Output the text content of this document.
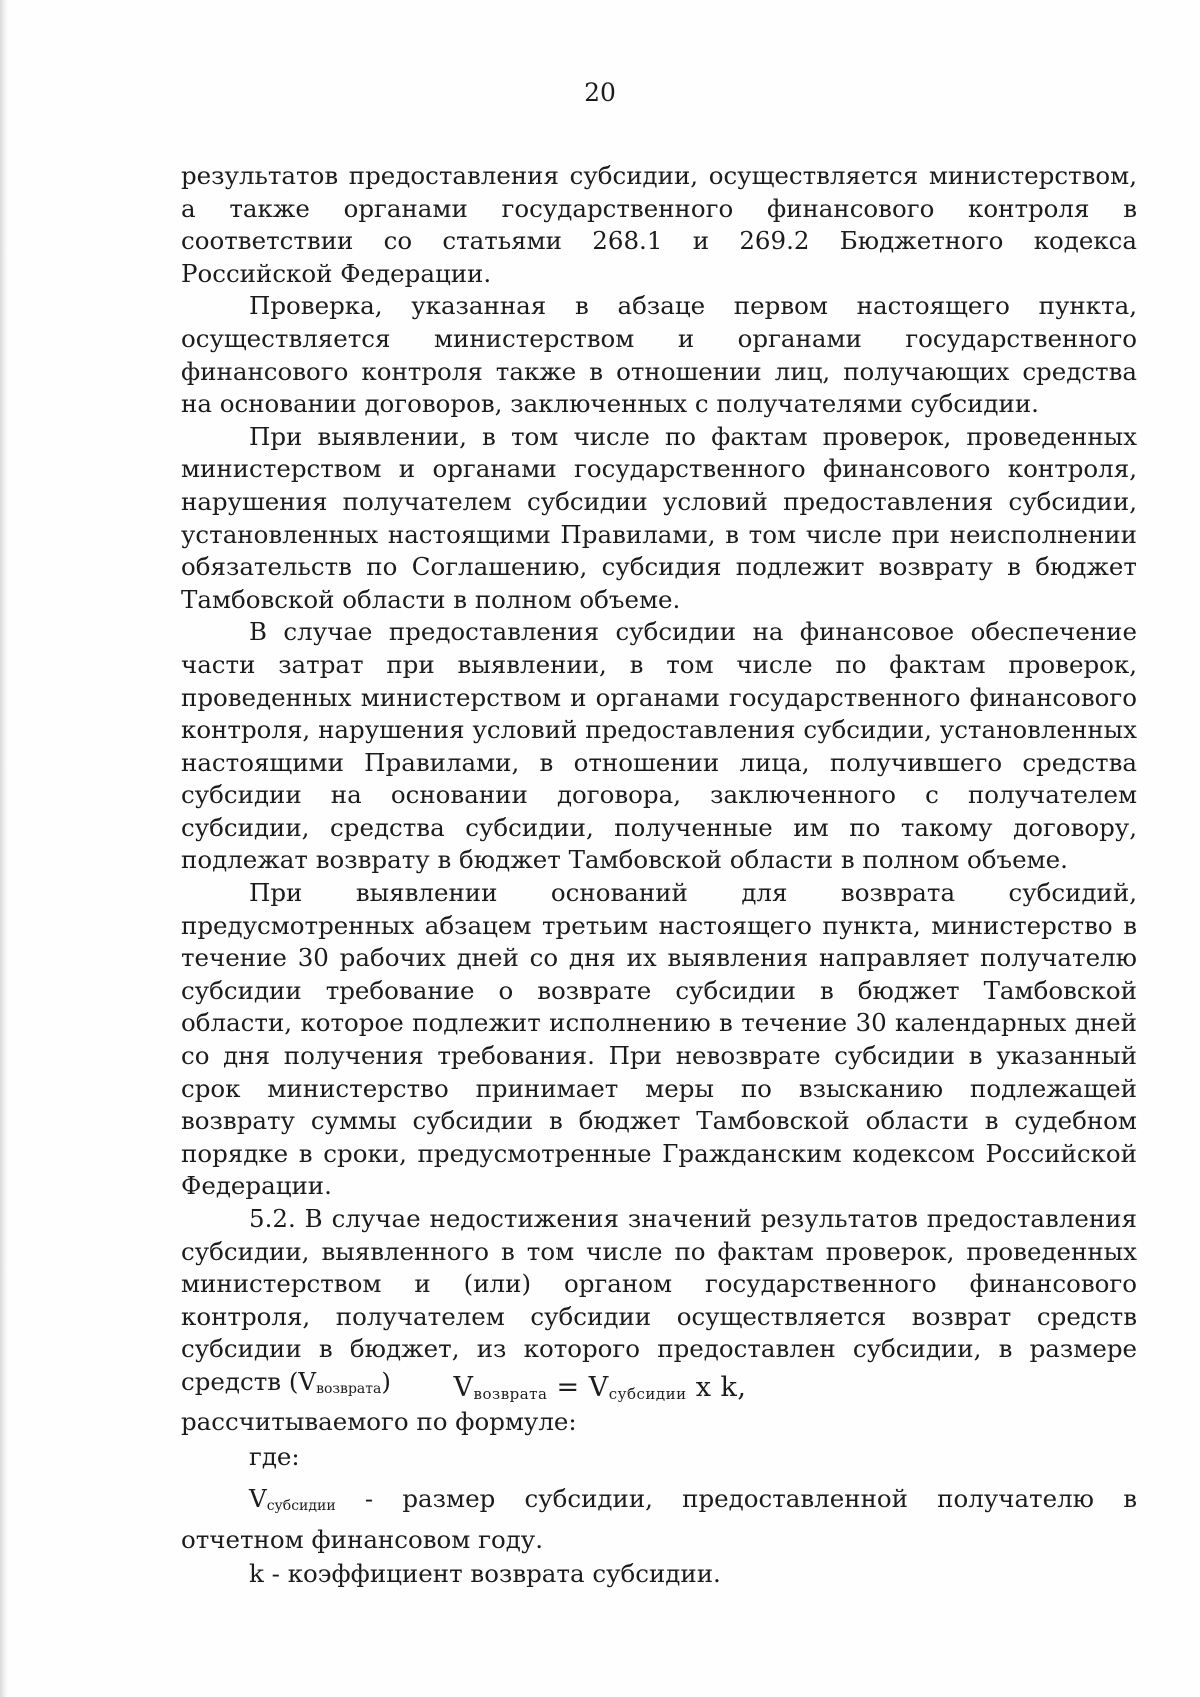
20

результатов предоставления субсидии, осуществляется министерством, а также органами государственного финансового контроля в соответствии со статьями 268.1 и 269.2 Бюджетного кодекса Российской Федерации.

Проверка, указанная в абзаце первом настоящего пункта, осуществляется министерством и органами государственного финансового контроля также в отношении лиц, получающих средства на основании договоров, заключенных с получателями субсидии.

При выявлении, в том числе по фактам проверок, проведенных министерством и органами государственного финансового контроля, нарушения получателем субсидии условий предоставления субсидии, установленных настоящими Правилами, в том числе при неисполнении обязательств по Соглашению, субсидия подлежит возврату в бюджет Тамбовской области в полном объеме.

В случае предоставления субсидии на финансовое обеспечение части затрат при выявлении, в том числе по фактам проверок, проведенных министерством и органами государственного финансового контроля, нарушения условий предоставления субсидии, установленных настоящими Правилами, в отношении лица, получившего средства субсидии на основании договора, заключенного с получателем субсидии, средства субсидии, полученные им по такому договору, подлежат возврату в бюджет Тамбовской области в полном объеме.

При выявлении оснований для возврата субсидий, предусмотренных абзацем третьим настоящего пункта, министерство в течение 30 рабочих дней со дня их выявления направляет получателю субсидии требование о возврате субсидии в бюджет Тамбовской области, которое подлежит исполнению в течение 30 календарных дней со дня получения требования. При невозврате субсидии в указанный срок министерство принимает меры по взысканию подлежащей возврату суммы субсидии в бюджет Тамбовской области в судебном порядке в сроки, предусмотренные Гражданским кодексом Российской Федерации.

5.2. В случае недостижения значений результатов предоставления субсидии, выявленного в том числе по фактам проверок, проведенных министерством и (или) органом государственного финансового контроля, получателем субсидии осуществляется возврат средств субсидии в бюджет, из которого предоставлен субсидии, в размере средств $(V_{возврата})$

рассчитываемого по формуле:

$V_{возврата} = V_{субсидии}$ х k,

где:

$V_{субсидии}$ - размер субсидии, предоставленной получателю в отчетном финансовом году.

k - коэффициент возврата субсидии.
